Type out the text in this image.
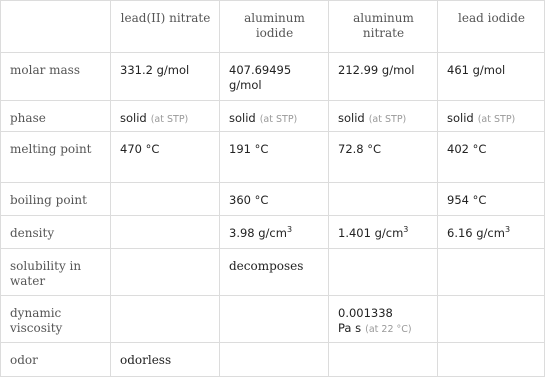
	lead(II) nitrate	aluminum iodide	aluminum nitrate	lead iodide
molar mass	331.2 g/mol	407.69495 g/mol	212.99 g/mol	461 g/mol
phase	solid (at STP)	solid (at STP)	solid (at STP)	solid (at STP)
melting point	470 °C	191 °C	72.8 °C	402 °C
boiling point		360 °C		954 °C
density		3.98 $g/cm^3$	1.401 $g/cm^3$	6.16 $g/cm^3$
solubility in water		decomposes		
dynamic viscosity			0.001338
Pa s (at 22 °C)	

odor	odorless			
